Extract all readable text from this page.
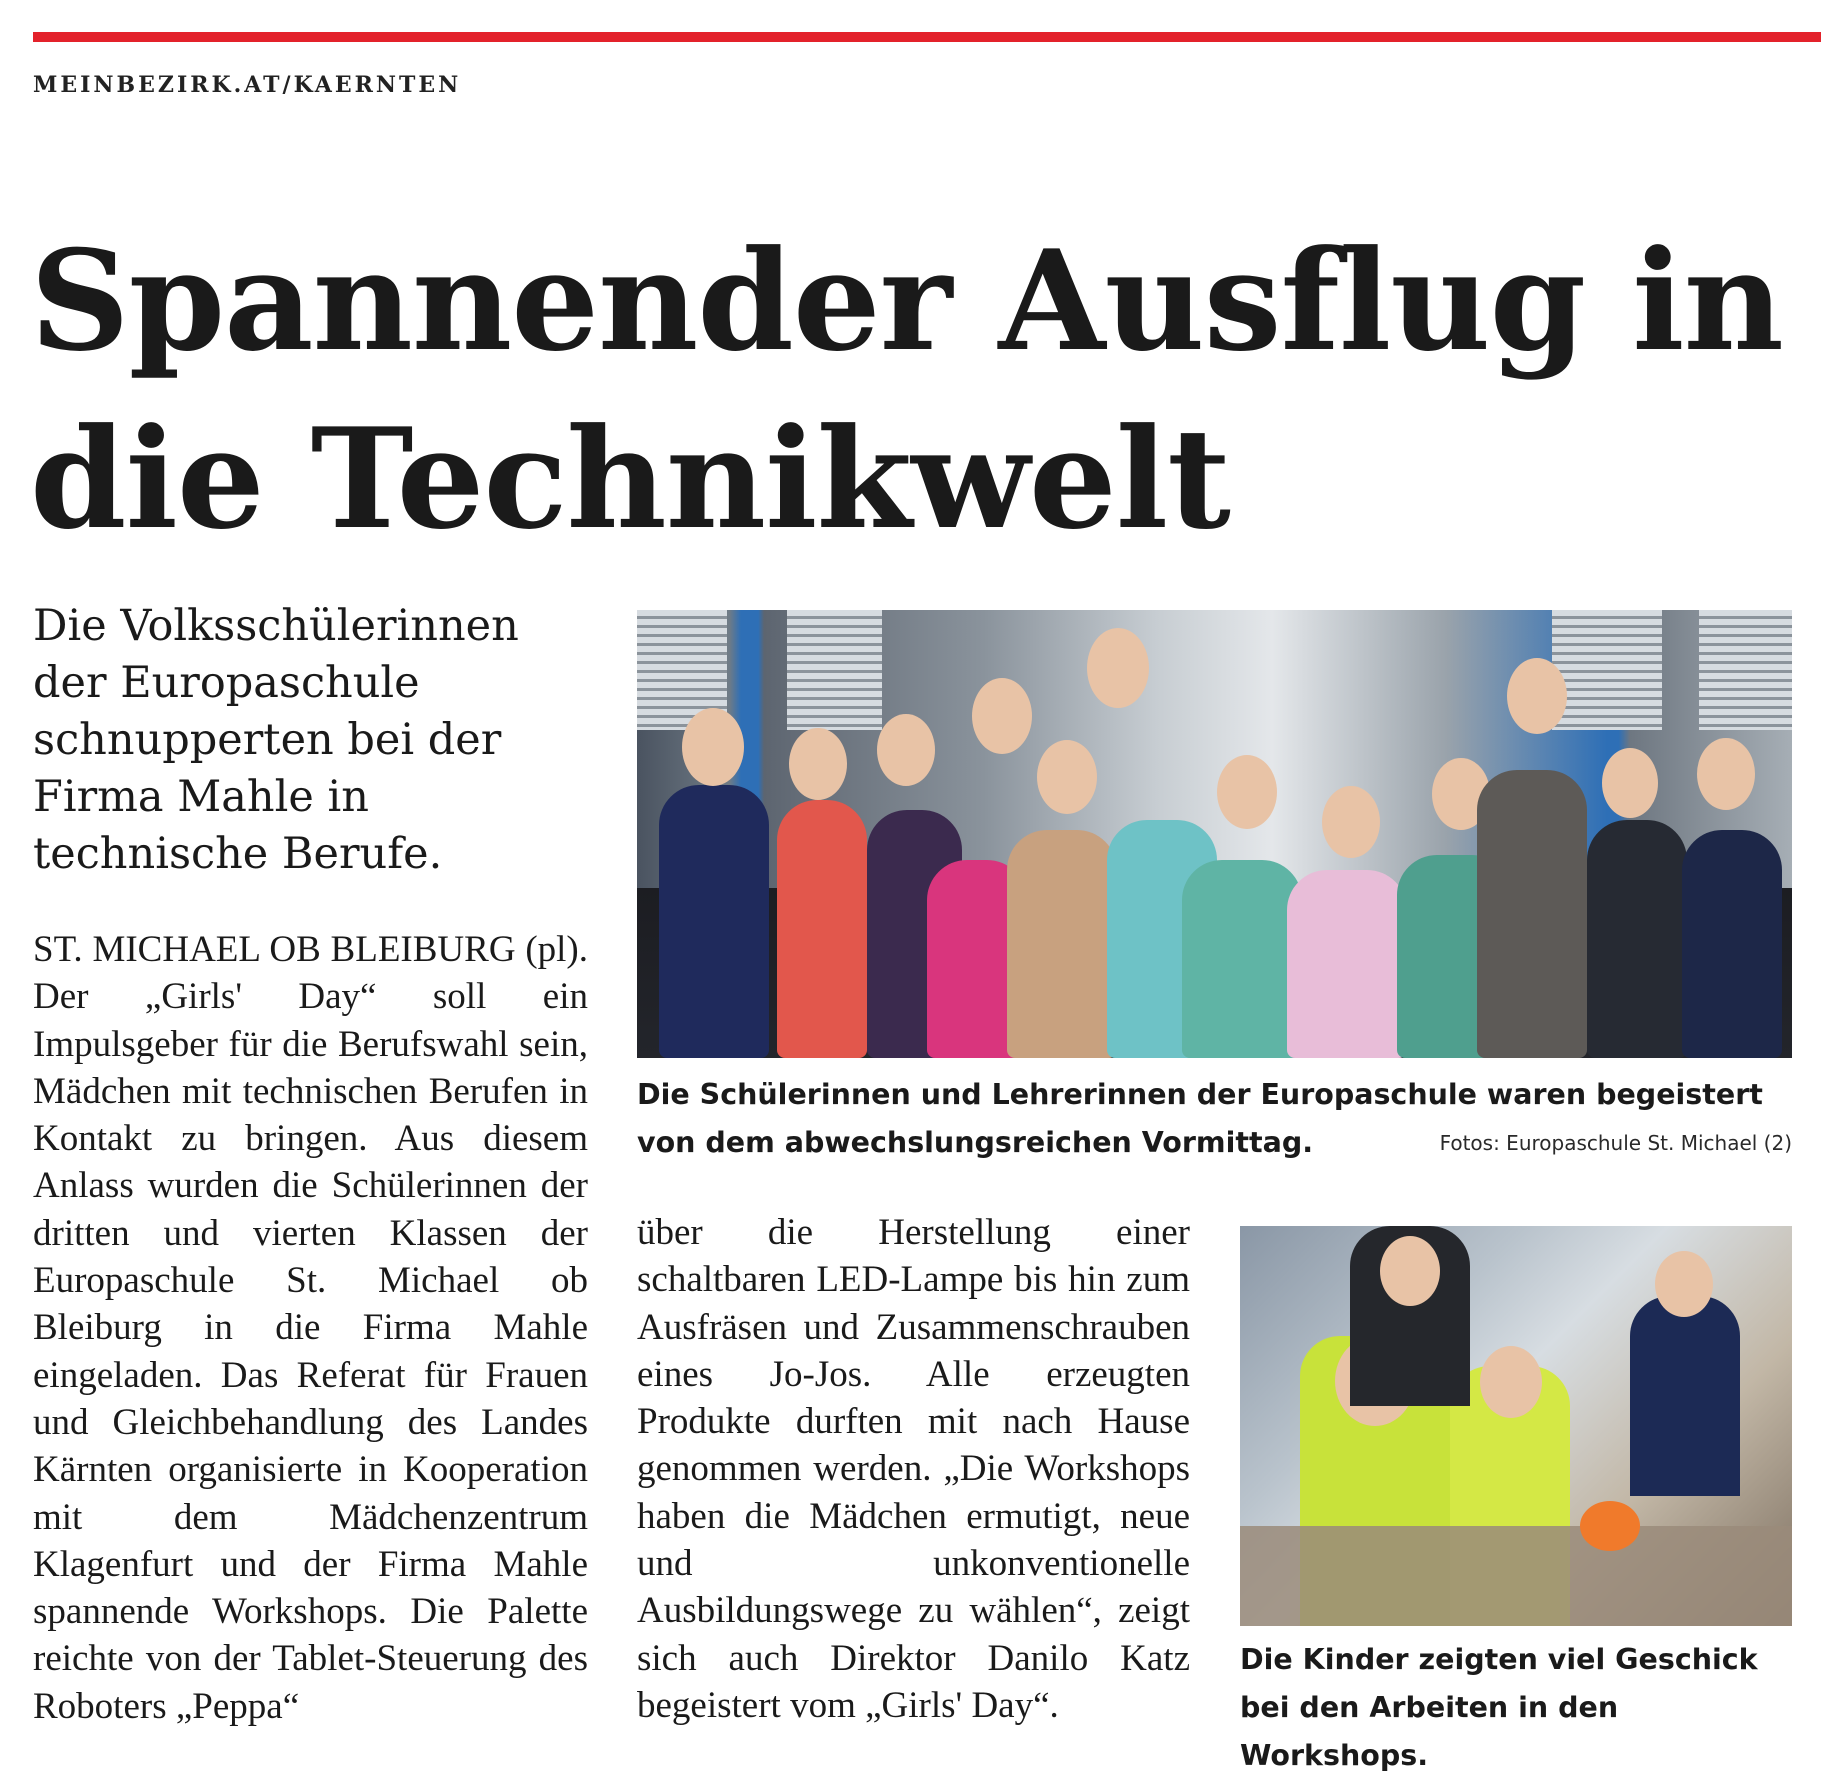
MEINBEZIRK.AT/KAERNTEN
Spannender Ausflug in die Technikwelt

Die Volksschülerinnen der Europaschule schnupperten bei der Firma Mahle in technische Berufe.

ST. MICHAEL OB BLEIBURG (pl). Der „Girls' Day“ soll ein Impulsgeber für die Berufswahl sein, Mädchen mit technischen Berufen in Kontakt zu bringen. Aus diesem Anlass wurden die Schülerinnen der dritten und vierten Klassen der Europaschule St. Michael ob Bleiburg in die Firma Mahle eingeladen. Das Referat für Frauen und Gleichbehandlung des Landes Kärnten organisierte in Kooperation mit dem Mädchenzentrum Klagenfurt und der Firma Mahle spannende Workshops. Die Palette reichte von der Tablet-Steuerung des Roboters „Peppa“

über die Herstellung einer schaltbaren LED-Lampe bis hin zum Ausfräsen und Zusammenschrauben eines Jo-Jos. Alle erzeugten Produkte durften mit nach Hause genommen werden. „Die Workshops haben die Mädchen ermutigt, neue und unkonventionelle Ausbildungswege zu wählen“, zeigt sich auch Direktor Danilo Katz begeistert vom „Girls' Day“.

Die Schülerinnen und Lehrerinnen der Europaschule waren begeistert von dem abwechslungsreichen Vormittag.	Fotos: Europaschule St. Michael (2)

Die Kinder zeigten viel Geschick bei den Arbeiten in den Workshops.
